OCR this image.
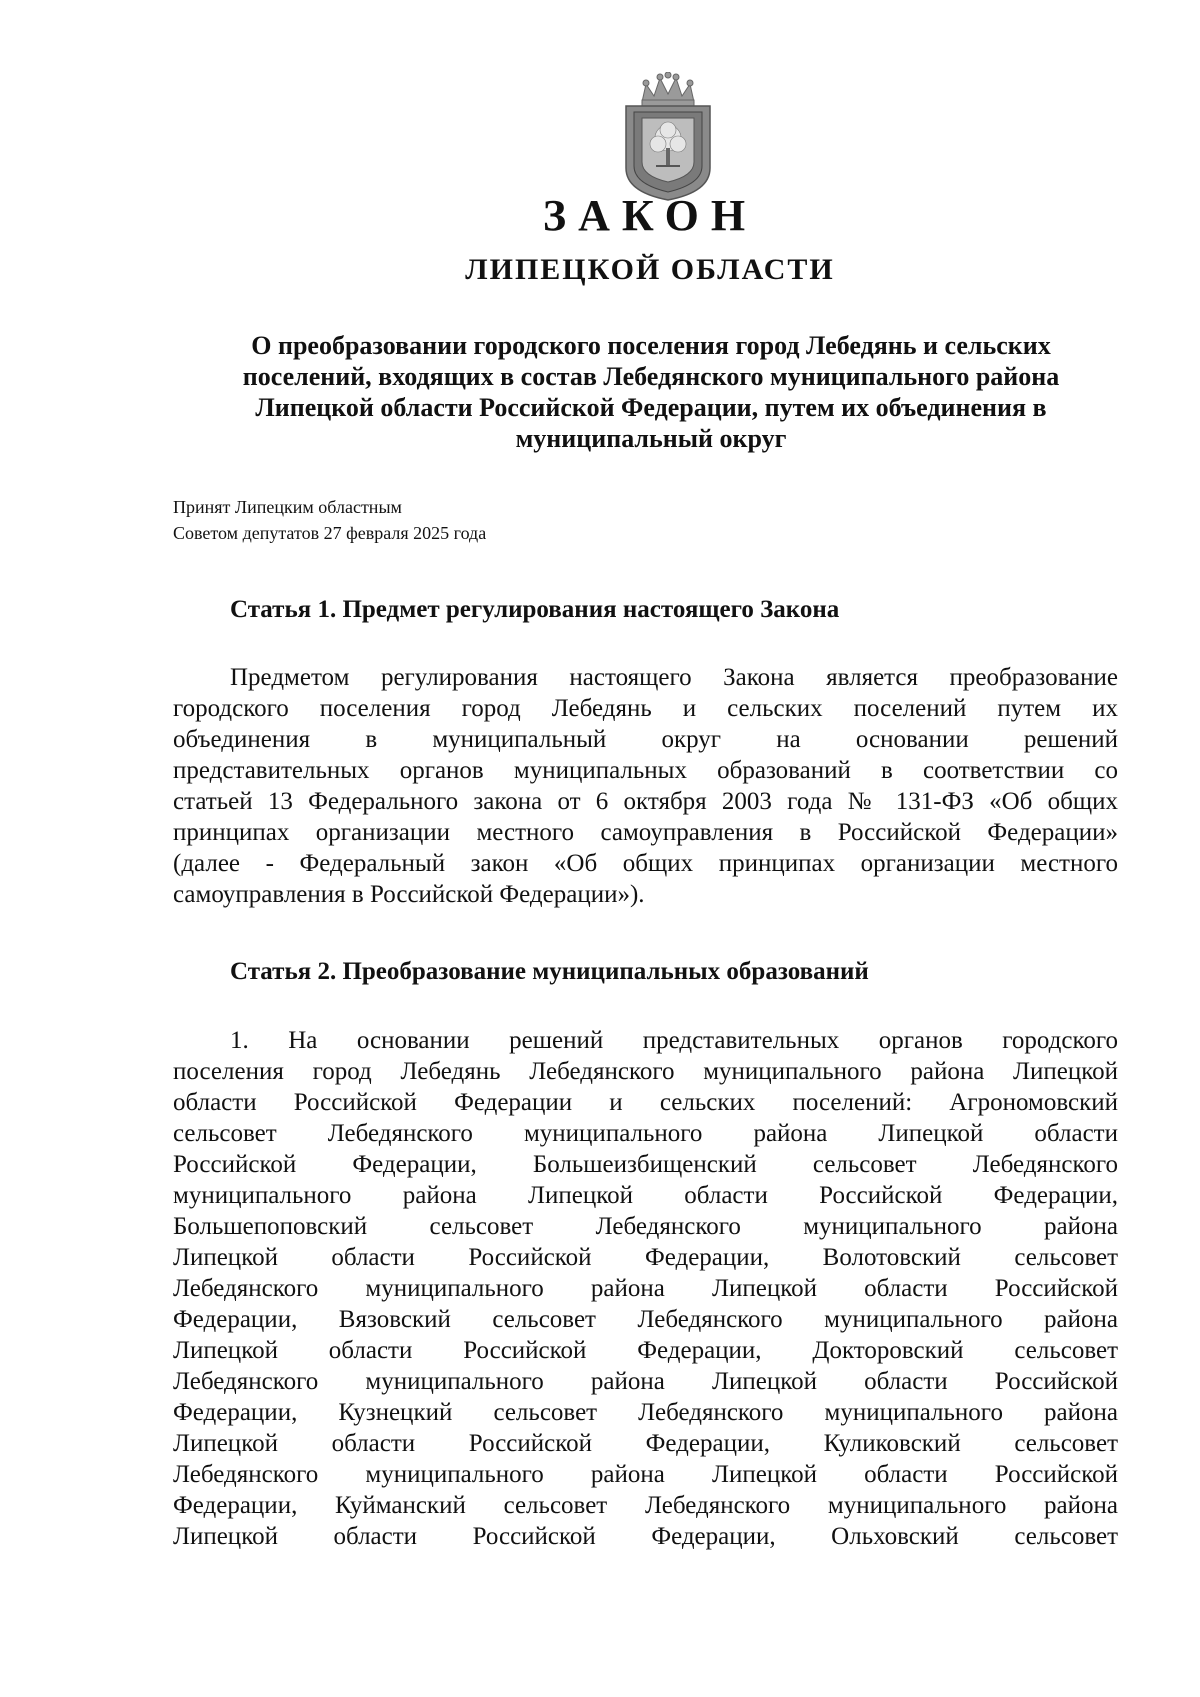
ЗАКОН
ЛИПЕЦКОЙ ОБЛАСТИ
О преобразовании городского поселения город Лебедянь и сельских
поселений, входящих в состав Лебедянского муниципального района
Липецкой области Российской Федерации, путем их объединения в
муниципальный округ
Принят Липецким областным
Советом депутатов 27 февраля 2025 года
Статья 1. Предмет регулирования настоящего Закона
Предметом регулирования настоящего Закона является преобразование
городского поселения город Лебедянь и сельских поселений путем их
объединения в муниципальный округ на основании решений
представительных органов муниципальных образований в соответствии со
статьей 13 Федерального закона от 6 октября 2003 года № 131-ФЗ «Об общих
принципах организации местного самоуправления в Российской Федерации»
(далее - Федеральный закон «Об общих принципах организации местного
самоуправления в Российской Федерации»).
Статья 2. Преобразование муниципальных образований
1. На основании решений представительных органов городского
поселения город Лебедянь Лебедянского муниципального района Липецкой
области Российской Федерации и сельских поселений: Агрономовский
сельсовет Лебедянского муниципального района Липецкой области
Российской Федерации, Большеизбищенский сельсовет Лебедянского
муниципального района Липецкой области Российской Федерации,
Большепоповский сельсовет Лебедянского муниципального района
Липецкой области Российской Федерации, Волотовский сельсовет
Лебедянского муниципального района Липецкой области Российской
Федерации, Вязовский сельсовет Лебедянского муниципального района
Липецкой области Российской Федерации, Докторовский сельсовет
Лебедянского муниципального района Липецкой области Российской
Федерации, Кузнецкий сельсовет Лебедянского муниципального района
Липецкой области Российской Федерации, Куликовский сельсовет
Лебедянского муниципального района Липецкой области Российской
Федерации, Куйманский сельсовет Лебедянского муниципального района
Липецкой области Российской Федерации, Ольховский сельсовет
